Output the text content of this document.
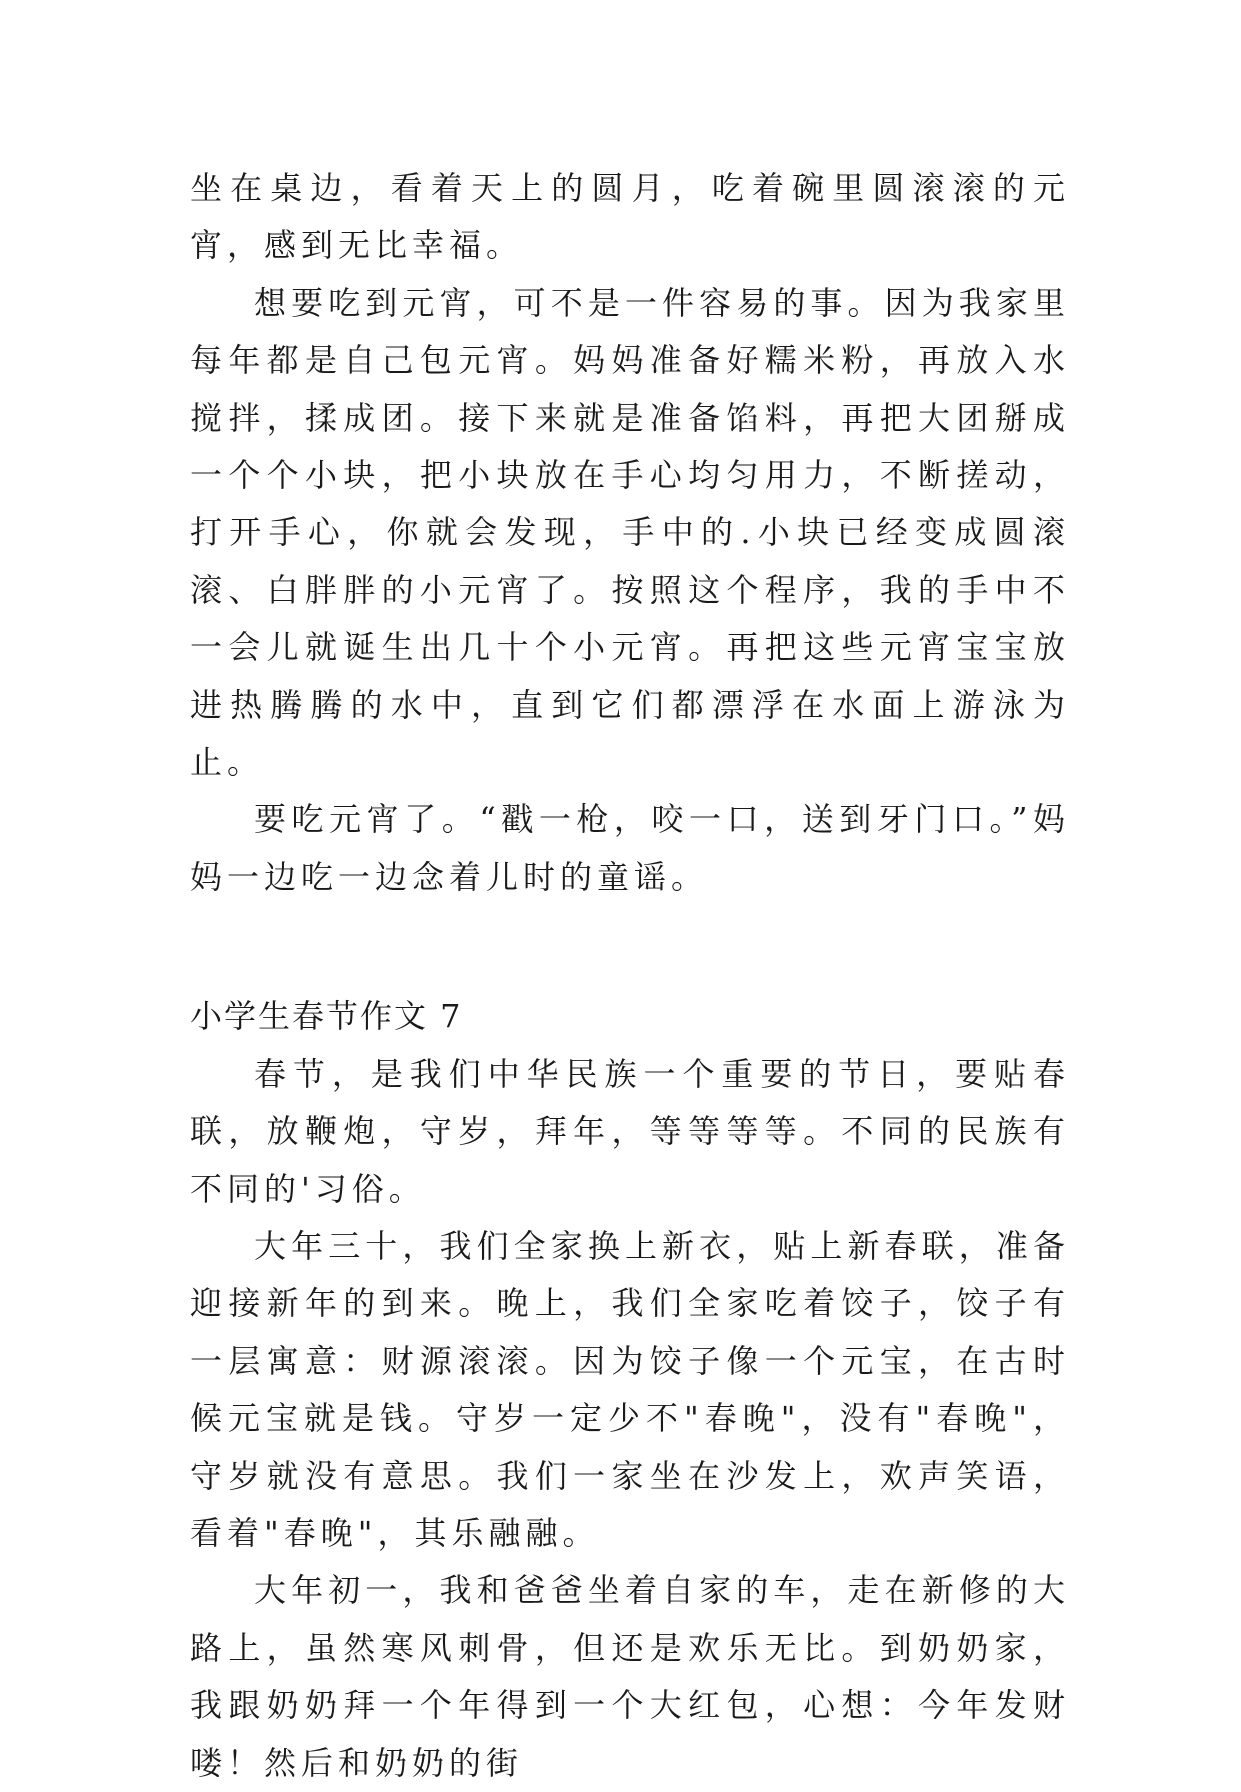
坐在桌边，看着天上的圆月，吃着碗里圆滚滚的元宵，感到无比幸福。

想要吃到元宵，可不是一件容易的事。因为我家里每年都是自己包元宵。妈妈准备好糯米粉，再放入水搅拌，揉成团。接下来就是准备馅料，再把大团掰成一个个小块，把小块放在手心均匀用力，不断搓动，打开手心，你就会发现，手中的.小块已经变成圆滚滚、白胖胖的小元宵了。按照这个程序，我的手中不一会儿就诞生出几十个小元宵。再把这些元宵宝宝放进热腾腾的水中，直到它们都漂浮在水面上游泳为止。

要吃元宵了。“戳一枪，咬一口，送到牙门口。”妈妈一边吃一边念着儿时的童谣。

小学生春节作文 7

春节，是我们中华民族一个重要的节日，要贴春联，放鞭炮，守岁，拜年，等等等等。不同的民族有不同的'习俗。

大年三十，我们全家换上新衣，贴上新春联，准备迎接新年的到来。晚上，我们全家吃着饺子，饺子有一层寓意：财源滚滚。因为饺子像一个元宝，在古时候元宝就是钱。守岁一定少不"春晚"，没有"春晚"，守岁就没有意思。我们一家坐在沙发上，欢声笑语，看着"春晚"，其乐融融。

大年初一，我和爸爸坐着自家的车，走在新修的大路上，虽然寒风刺骨，但还是欢乐无比。到奶奶家，我跟奶奶拜一个年得到一个大红包，心想：今年发财喽！然后和奶奶的街
